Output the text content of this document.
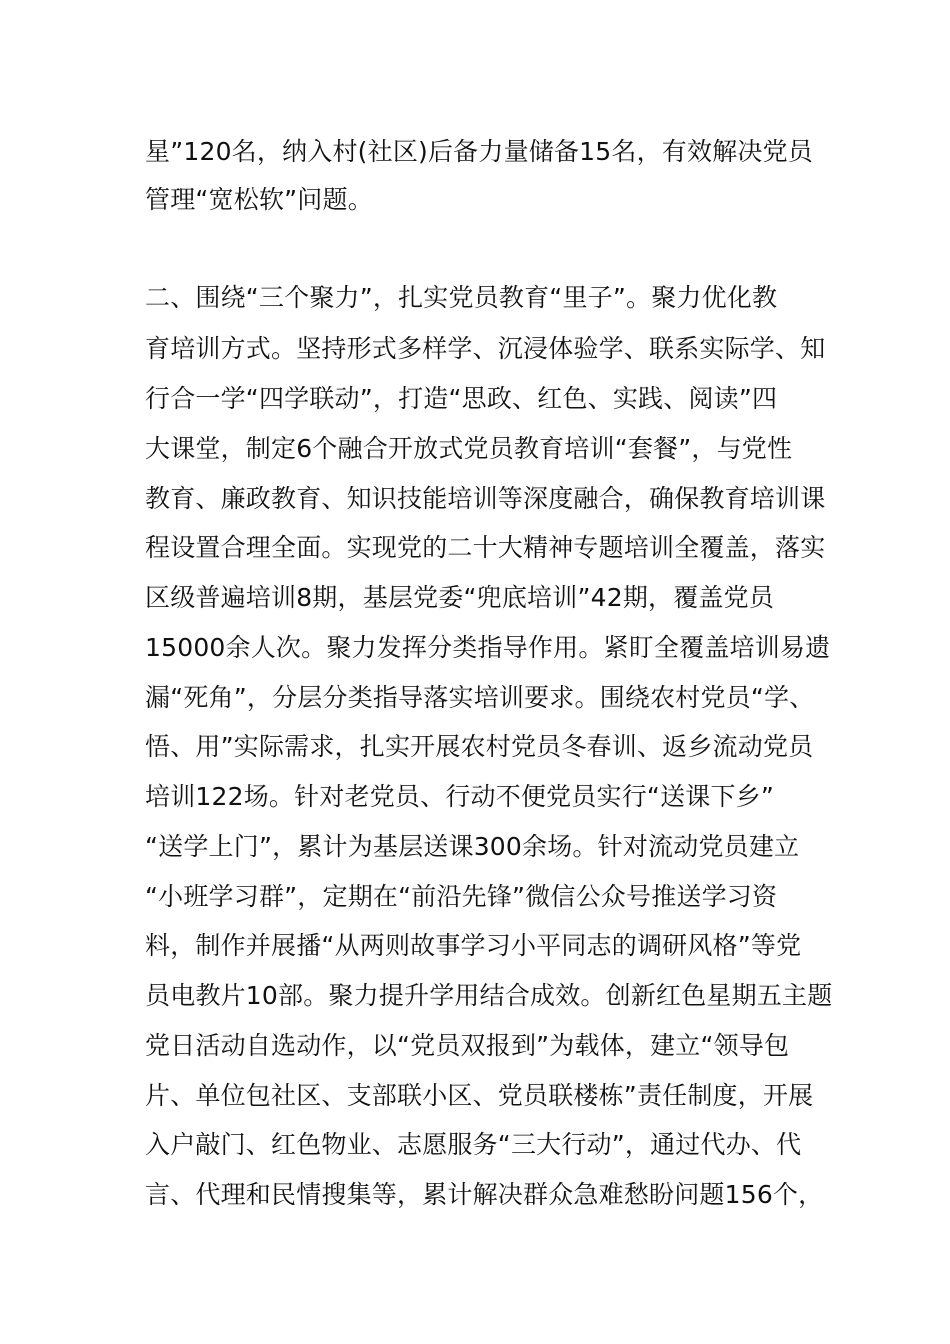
星”120名，纳入村(社区)后备力量储备15名，有效解决党员
管理“宽松软”问题。
二、围绕“三个聚力”，扎实党员教育“里子”。聚力优化教
育培训方式。坚持形式多样学、沉浸体验学、联系实际学、知
行合一学“四学联动”，打造“思政、红色、实践、阅读”四
大课堂，制定6个融合开放式党员教育培训“套餐”，与党性
教育、廉政教育、知识技能培训等深度融合，确保教育培训课
程设置合理全面。实现党的二十大精神专题培训全覆盖，落实
区级普遍培训8期，基层党委“兜底培训”42期，覆盖党员
15000余人次。聚力发挥分类指导作用。紧盯全覆盖培训易遗
漏“死角”，分层分类指导落实培训要求。围绕农村党员“学、
悟、用”实际需求，扎实开展农村党员冬春训、返乡流动党员
培训122场。针对老党员、行动不便党员实行“送课下乡”
“送学上门”，累计为基层送课300余场。针对流动党员建立
“小班学习群”，定期在“前沿先锋”微信公众号推送学习资
料，制作并展播“从两则故事学习小平同志的调研风格”等党
员电教片10部。聚力提升学用结合成效。创新红色星期五主题
党日活动自选动作，以“党员双报到”为载体，建立“领导包
片、单位包社区、支部联小区、党员联楼栋”责任制度，开展
入户敲门、红色物业、志愿服务“三大行动”，通过代办、代
言、代理和民情搜集等，累计解决群众急难愁盼问题156个，
